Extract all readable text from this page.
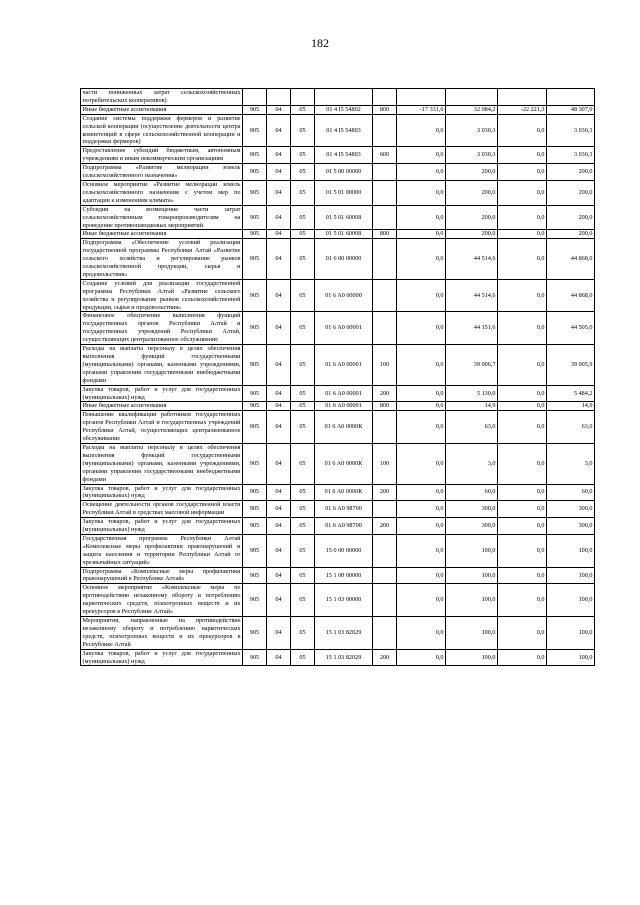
182
части пониженных затрат сельскохозяйственных потребительских кооперативов)									
Иные бюджетные ассигнования	905	04	05	01 4 I5 54802	800	-17 331,0	32 084,2	-22 221,3	48 307,0
Создание системы поддержки фермеров и развитие сельской кооперации (осуществление деятельности центра компетенций в сфере сельскохозяйственной кооперации и поддержки фермеров)	905	04	05	01 4 I5 54803		0,0	3 030,3	0,0	3 030,3
Предоставление субсидий бюджетным, автономным учреждениям и иным некоммерческим организациям	905	04	05	01 4 I5 54803	600	0,0	3 030,3	0,0	3 030,3
Подпрограмма «Развитие мелиорации земель сельскохозяйственного назначения»	905	04	05	01 5 00 00000		0,0	200,0	0,0	200,0
Основное мероприятие «Развитие мелиорации земель сельскохозяйственного назначения с учетом мер по адаптации к изменениям климата»	905	04	05	01 5 01 00000		0,0	200,0	0,0	200,0
Субсидии на возмещение части затрат сельскохозяйственным товаропроизводителям на проведение противопаводковых мероприятий	905	04	05	01 5 01 60008		0,0	200,0	0,0	200,0
Иные бюджетные ассигнования	905	04	05	01 5 01 60008	800	0,0	200,0	0,0	200,0
Подпрограмма «Обеспечение условий реализации государственной программы Республики Алтай «Развитие сельского хозяйства и регулирование рынков сельскохозяйственной продукции, сырья и продовольствия»	905	04	05	01 6 00 00000		0,0	44 514,6	0,0	44 868,0
Создание условий для реализации государственной программы Республики Алтай «Развитие сельского хозяйства и регулирование рынков сельскохозяйственной продукции, сырья и продовольствия»	905	04	05	01 6 A0 00000		0,0	44 514,6	0,0	44 868,0
Финансовое обеспечение выполнения функций государственных органов Республики Алтай и государственных учреждений Республики Алтай, осуществляющих централизованное обслуживание	905	04	05	01 6 A0 00001		0,0	44 151,6	0,0	44 505,0
Расходы на выплаты персоналу в целях обеспечения выполнения функций государственными (муниципальными) органами, казенными учреждениями, органами управления государственными внебюджетными фондами	905	04	05	01 6 A0 00001	100	0,0	39 006,7	0,0	39 005,9
Закупка товаров, работ и услуг для государственных (муниципальных) нужд	905	04	05	01 6 A0 00001	200	0,0	5 130,0	0,0	5 484,2
Иные бюджетные ассигнования	905	04	05	01 6 A0 00001	800	0,0	14,9	0,0	14,9
Повышение квалификации работников государственных органов Республики Алтай и государственных учреждений Республики Алтай, осуществляющих централизованное обслуживание	905	04	05	01 6 A0 0000К		0,0	63,0	0,0	63,0
Расходы на выплаты персоналу в целях обеспечения выполнения функций государственными (муниципальными) органами, казенными учреждениями, органами управления государственными внебюджетными фондами	905	04	05	01 6 A0 0000К	100	0,0	3,0	0,0	3,0
Закупка товаров, работ и услуг для государственных (муниципальных) нужд	905	04	05	01 6 A0 0000К	200	0,0	60,0	0,0	60,0
Освещение деятельности органов государственной власти Республики Алтай в средствах массовой информации	905	04	05	01 6 A0 98700		0,0	300,0	0,0	300,0
Закупка товаров, работ и услуг для государственных (муниципальных) нужд	905	04	05	01 6 A0 98700	200	0,0	300,0	0,0	300,0
Государственная программа Республики Алтай «Комплексные меры профилактики правонарушений и защита населения и территории Республики Алтай от чрезвычайных ситуаций»	905	04	05	15 0 00 00000		0,0	100,0	0,0	100,0
Подпрограмма «Комплексные меры профилактики правонарушений в Республике Алтай»	905	04	05	15 1 00 00000		0,0	100,0	0,0	100,0
Основное мероприятие «Комплексные меры по противодействию незаконному обороту и потреблению наркотических средств, психотропных веществ и их прекурсоров в Республике Алтай»	905	04	05	15 1 03 00000		0,0	100,0	0,0	100,0
Мероприятия, направленные на противодействие незаконному обороту и потреблению наркотических средств, психотропных веществ и их прекурсоров в Республике Алтай	905	04	05	15 1 03 82029		0,0	100,0	0,0	100,0
Закупка товаров, работ и услуг для государственных (муниципальных) нужд	905	04	05	15 1 03 82029	200	0,0	100,0	0,0	100,0
